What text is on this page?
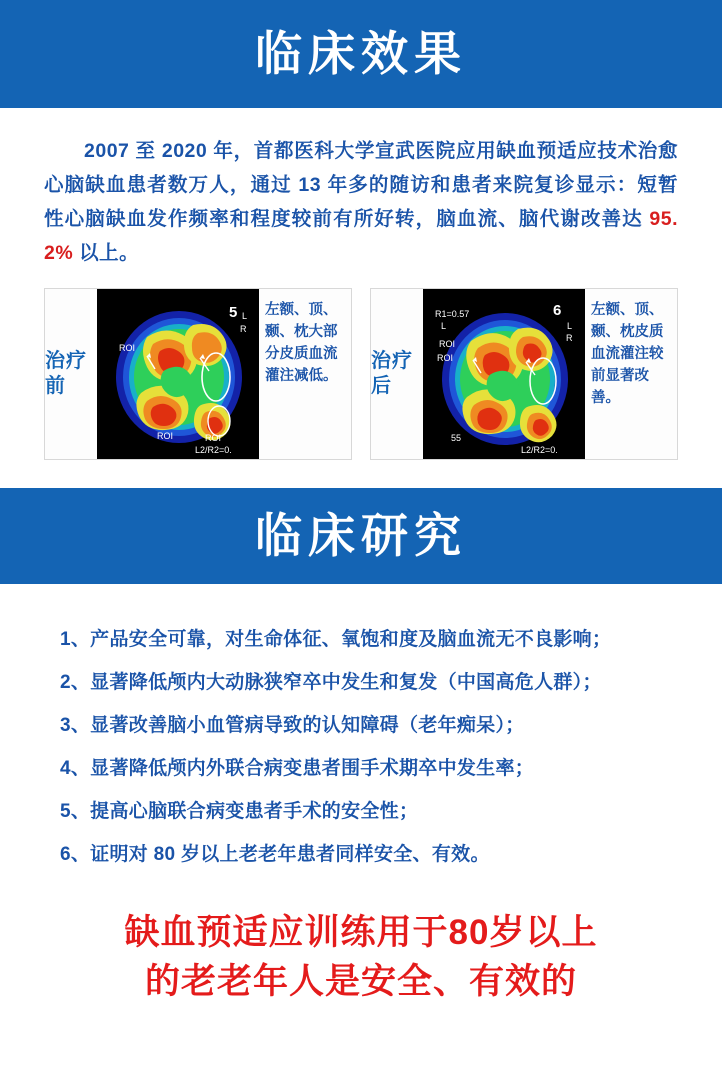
临床效果
2007 至 2020 年，首都医科大学宣武医院应用缺血预适应技术治愈心脑缺血患者数万人，通过 13 年多的随访和患者来院复诊显示：短暂性心脑缺血发作频率和程度较前有所好转，脑血流、脑代谢改善达 95. 2% 以上。
治疗前
5 L
R
ROI
ROI
L2/R2=0.
ROI
左额、顶、颞、枕大部分皮质血流灌注减低。
治疗后
6
R1=0.57
L	L
R
ROI
ROI
55
L2/R2=0.
左额、顶、颞、枕皮质血流灌注较前显著改善。
临床研究
1、产品安全可靠，对生命体征、氧饱和度及脑血流无不良影响；
2、显著降低颅内大动脉狭窄卒中发生和复发（中国高危人群）；
3、显著改善脑小血管病导致的认知障碍（老年痴呆）；
4、显著降低颅内外联合病变患者围手术期卒中发生率；
5、提高心脑联合病变患者手术的安全性；
6、证明对 80 岁以上老老年患者同样安全、有效。
缺血预适应训练用于80岁以上
的老老年人是安全、有效的
